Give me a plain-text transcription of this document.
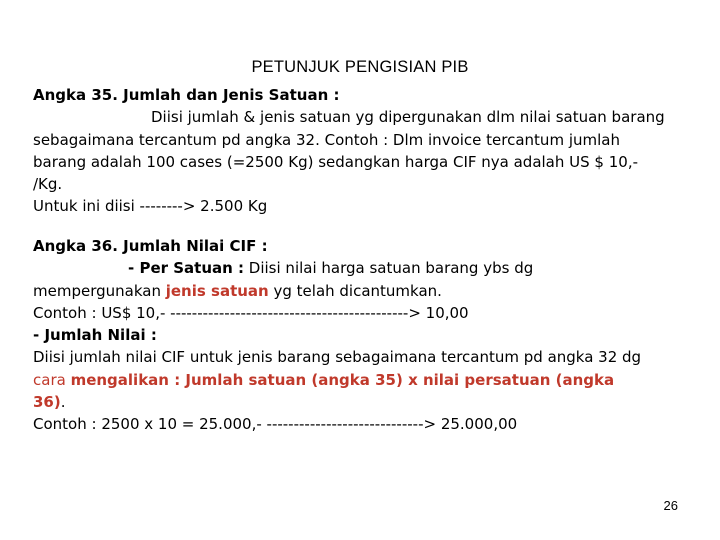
PETUNJUK PENGISIAN PIB
Angka 35. Jumlah dan Jenis Satuan :
Diisi jumlah & jenis satuan yg dipergunakan dlm nilai satuan barang
sebagaimana tercantum pd angka 32. Contoh : Dlm invoice tercantum jumlah
barang adalah 100 cases (=2500 Kg) sedangkan harga CIF nya adalah US $ 10,-
/Kg.
Untuk ini diisi --------> 2.500 Kg
Angka 36. Jumlah Nilai CIF :
- Per Satuan : Diisi nilai harga satuan barang ybs dg
mempergunakan jenis satuan yg telah dicantumkan.
Contoh : US$ 10,- --------------------------------------------> 10,00
- Jumlah Nilai :
Diisi jumlah nilai CIF untuk jenis barang sebagaimana tercantum pd angka 32 dg
cara mengalikan : Jumlah satuan (angka 35) x nilai persatuan (angka
36).
Contoh : 2500 x 10 = 25.000,- -----------------------------> 25.000,00
26
